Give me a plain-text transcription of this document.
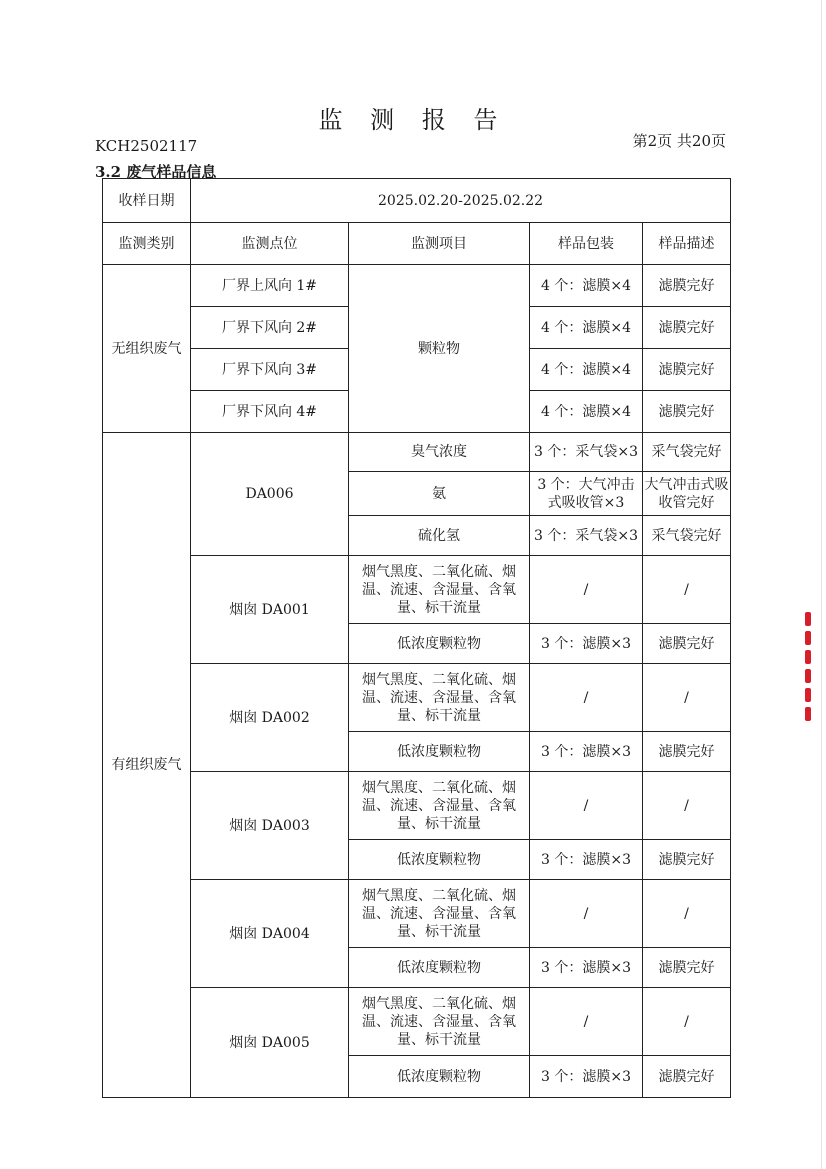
监 测 报 告
KCH2502117	第2页 共20页
3.2 废气样品信息
收样日期	2025.02.20-2025.02.22			
监测类别	监测点位	监测项目	样品包装	样品描述
无组织废气	厂界上风向 1#	颗粒物	4 个：滤膜×4	滤膜完好
	厂界下风向 2#		4 个：滤膜×4	滤膜完好
	厂界下风向 3#		4 个：滤膜×4	滤膜完好
	厂界下风向 4#		4 个：滤膜×4	滤膜完好
有组织废气	DA006	臭气浓度	3 个：采气袋×3	采气袋完好
		氨	3 个：大气冲击式吸收管×3	大气冲击式吸收管完好
		硫化氢	3 个：采气袋×3	采气袋完好
	烟囱 DA001	烟气黑度、二氧化硫、烟温、流速、含湿量、含氧量、标干流量	/	/
		低浓度颗粒物	3 个：滤膜×3	滤膜完好
	烟囱 DA002	烟气黑度、二氧化硫、烟温、流速、含湿量、含氧量、标干流量	/	/
		低浓度颗粒物	3 个：滤膜×3	滤膜完好
	烟囱 DA003	烟气黑度、二氧化硫、烟温、流速、含湿量、含氧量、标干流量	/	/
		低浓度颗粒物	3 个：滤膜×3	滤膜完好
	烟囱 DA004	烟气黑度、二氧化硫、烟温、流速、含湿量、含氧量、标干流量	/	/
		低浓度颗粒物	3 个：滤膜×3	滤膜完好
	烟囱 DA005	烟气黑度、二氧化硫、烟温、流速、含湿量、含氧量、标干流量	/	/
		低浓度颗粒物	3 个：滤膜×3	滤膜完好
